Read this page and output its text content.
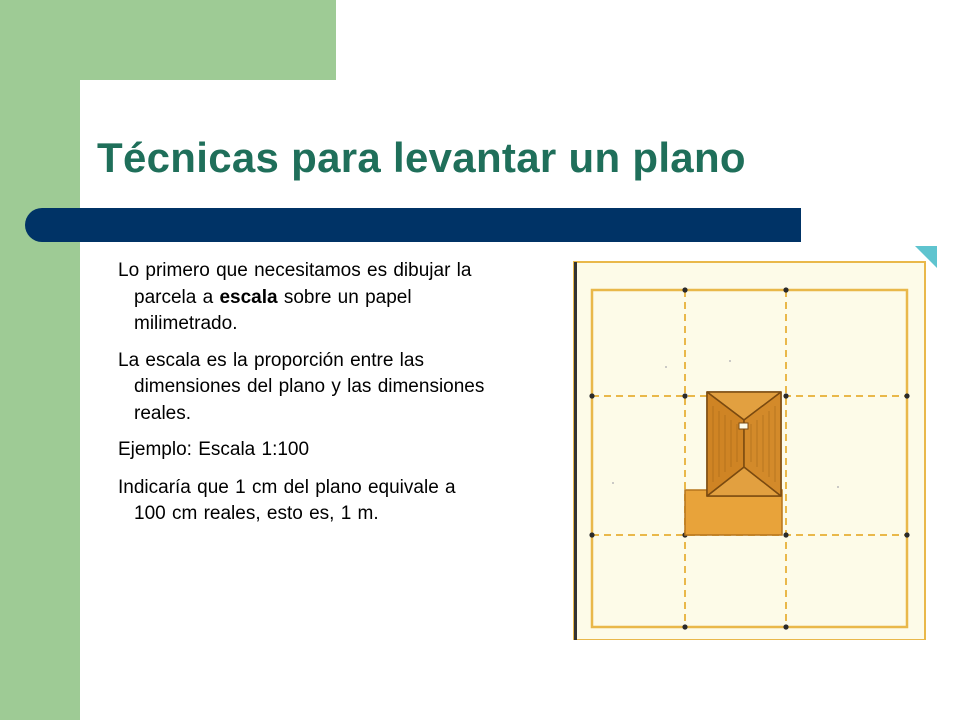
Técnicas para levantar un plano

Lo primero que necesitamos es dibujar la parcela a escala sobre un papel milimetrado.

La escala es la proporción entre las dimensiones del plano y las dimensiones reales.

Ejemplo: Escala 1:100

Indicaría que 1 cm del plano equivale a 100 cm reales, esto es, 1 m.
